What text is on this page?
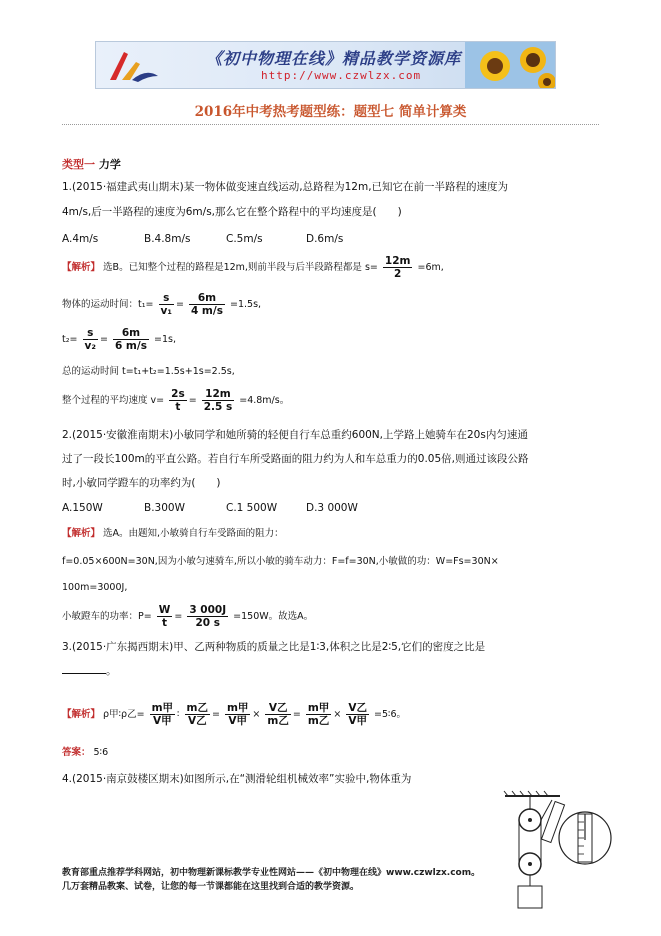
《初中物理在线》精品教学资源库
http://www.czwlzx.com
2016年中考热考题型练：题型七 简单计算类
类型一 力学
1.(2015·福建武夷山期末)某一物体做变速直线运动,总路程为12m,已知它在前一半路程的速度为
4m/s,后一半路程的速度为6m/s,那么它在整个路程中的平均速度是(　　)
A.4m/s	B.4.8m/s	C.5m/s	D.6m/s
【解析】 选B。已知整个过程的路程是12m,则前半段与后半段路程都是 $s= \frac{12m}{2} =6m$,
物体的运动时间：$t_1= \frac{s}{\text{v₁}} = \frac{6m}{4 m/s} =1.5s$,
$t_2= \frac{s}{\text{v₂}} = \frac{6m}{6 m/s} =1s$,
总的运动时间 t=t₁+t₂=1.5s+1s=2.5s,
整个过程的平均速度 $v= \frac{2s}{t} = \frac{12m}{2.5 s} =4.8m/s$。
2.(2015·安徽淮南期末)小敏同学和她所骑的轻便自行车总重约600N,上学路上她骑车在20s内匀速通
过了一段长100m的平直公路。若自行车所受路面的阻力约为人和车总重力的0.05倍,则通过该段公路
时,小敏同学蹬车的功率约为(　　)
A.150W	B.300W	C.1 500W	D.3 000W
【解析】 选A。由题知,小敏骑自行车受路面的阻力：
f=0.05×600N=30N,因为小敏匀速骑车,所以小敏的骑车动力：F=f=30N,小敏做的功：W=Fs=30N×
100m=3000J,
小敏蹬车的功率：$P= \frac{W}{t} = \frac{3 000J}{20 s} =150W$。故选A。
3.(2015·广东揭西期末)甲、乙两种物质的质量之比是1∶3,体积之比是2∶5,它们的密度之比是
。
【解析】 ρ甲∶ρ乙= $\frac{\text{m甲}}{\text{V甲}}$ ∶ $\frac{\text{m乙}}{\text{V乙}} = \frac{\text{m甲}}{\text{V甲}} \times \frac{\text{V乙}}{\text{m乙}} = \frac{\text{m甲}}{\text{m乙}} \times \frac{\text{V乙}}{\text{V甲}}$ =5∶6。
答案： 5∶6
4.(2015·南京鼓楼区期末)如图所示,在“测滑轮组机械效率”实验中,物体重为
教育部重点推荐学科网站，初中物理新课标教学专业性网站——《初中物理在线》www.czwlzx.com。
几万套精品教案、试卷，让您的每一节课都能在这里找到合适的教学资源。
